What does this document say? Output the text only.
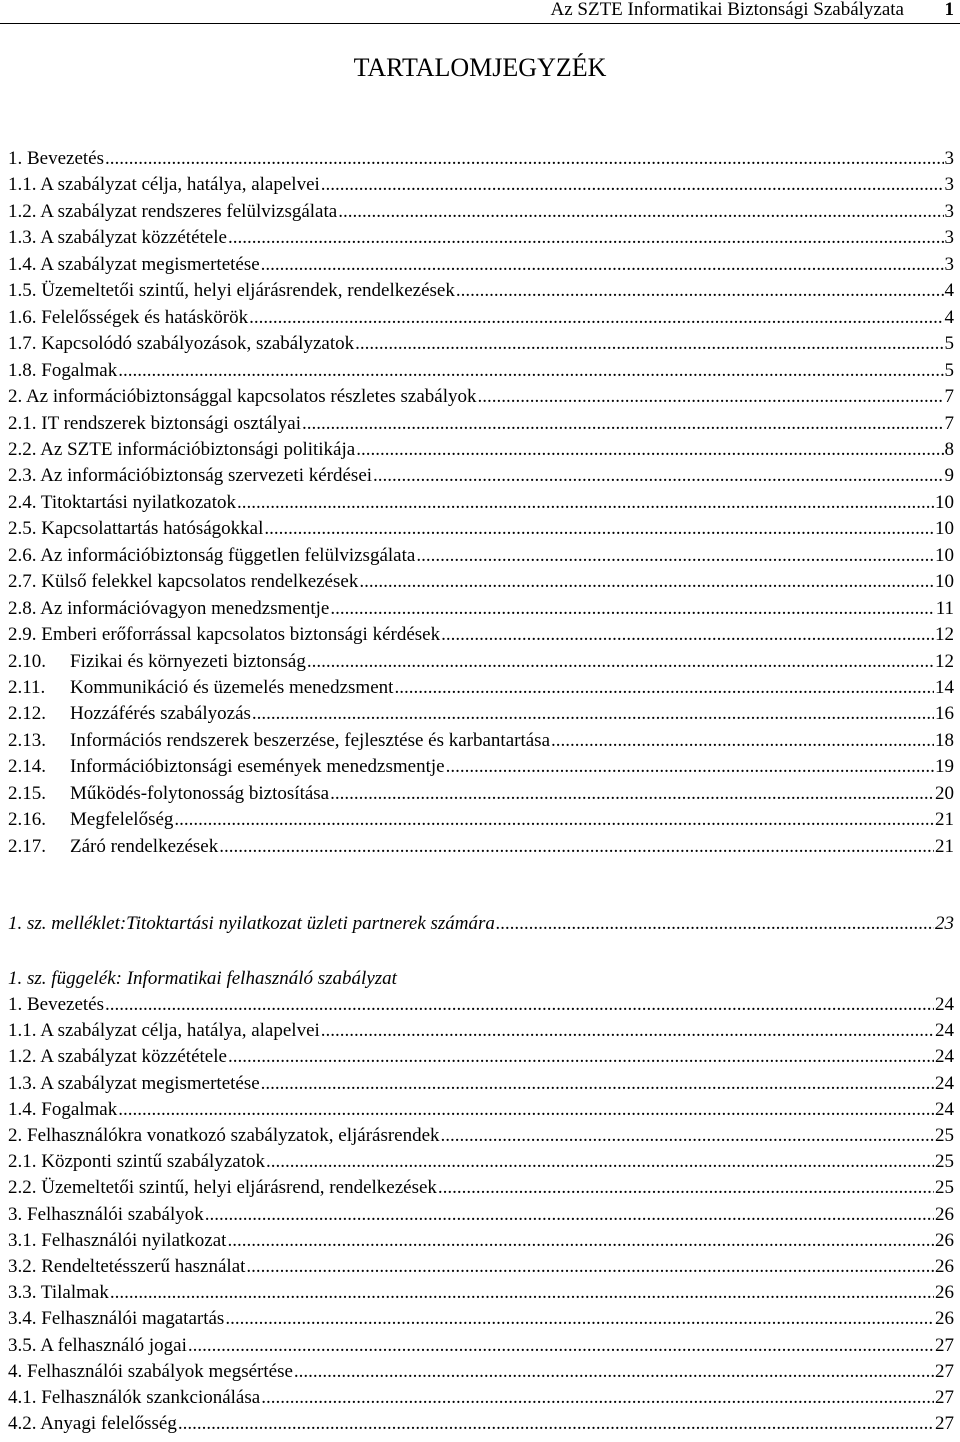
Az SZTE Informatikai Biztonsági Szabályzata 1
TARTALOMJEGYZÉK
1. Bevezetés .....	3
1.1. A szabályzat célja, hatálya, alapelvei .....	3
1.2. A szabályzat rendszeres felülvizsgálata .....	3
1.3. A szabályzat közzététele .....	3
1.4. A szabályzat megismertetése .....	3
1.5. Üzemeltetői szintű, helyi eljárásrendek, rendelkezések .....	4
1.6. Felelősségek és hatáskörök .....	4
1.7. Kapcsolódó szabályozások, szabályzatok .....	5
1.8. Fogalmak .....	5
2. Az információbiztonsággal kapcsolatos részletes szabályok .....	7
2.1. IT rendszerek biztonsági osztályai .....	7
2.2. Az SZTE információbiztonsági politikája .....	8
2.3. Az információbiztonság szervezeti kérdései .....	9
2.4. Titoktartási nyilatkozatok .....	10
2.5. Kapcsolattartás hatóságokkal .....	10
2.6. Az információbiztonság független felülvizsgálata .....	10
2.7. Külső felekkel kapcsolatos rendelkezések .....	10
2.8. Az információvagyon menedzsmentje .....	11
2.9. Emberi erőforrással kapcsolatos biztonsági kérdések .....	12
2.10. Fizikai és környezeti biztonság .....	12
2.11. Kommunikáció és üzemelés menedzsment .....	14
2.12. Hozzáférés szabályozás .....	16
2.13. Információs rendszerek beszerzése, fejlesztése és karbantartása .....	18
2.14. Információbiztonsági események menedzsmentje .....	19
2.15. Működés-folytonosság biztosítása .....	20
2.16. Megfelelőség .....	21
2.17. Záró rendelkezések .....	21
1. sz. melléklet:Titoktartási nyilatkozat üzleti partnerek számára .....	23
1. sz. függelék: Informatikai felhasználó szabályzat
1. Bevezetés .....	24
1.1. A szabályzat célja, hatálya, alapelvei .....	24
1.2. A szabályzat közzététele .....	24
1.3. A szabályzat megismertetése .....	24
1.4. Fogalmak .....	24
2. Felhasználókra vonatkozó szabályzatok, eljárásrendek .....	25
2.1. Központi szintű szabályzatok .....	25
2.2. Üzemeltetői szintű, helyi eljárásrend, rendelkezések .....	25
3. Felhasználói szabályok .....	26
3.1. Felhasználói nyilatkozat .....	26
3.2. Rendeltetésszerű használat .....	26
3.3. Tilalmak .....	26
3.4. Felhasználói magatartás .....	26
3.5. A felhasználó jogai .....	27
4. Felhasználói szabályok megsértése .....	27
4.1. Felhasználók szankcionálása .....	27
4.2. Anyagi felelősség .....	27
